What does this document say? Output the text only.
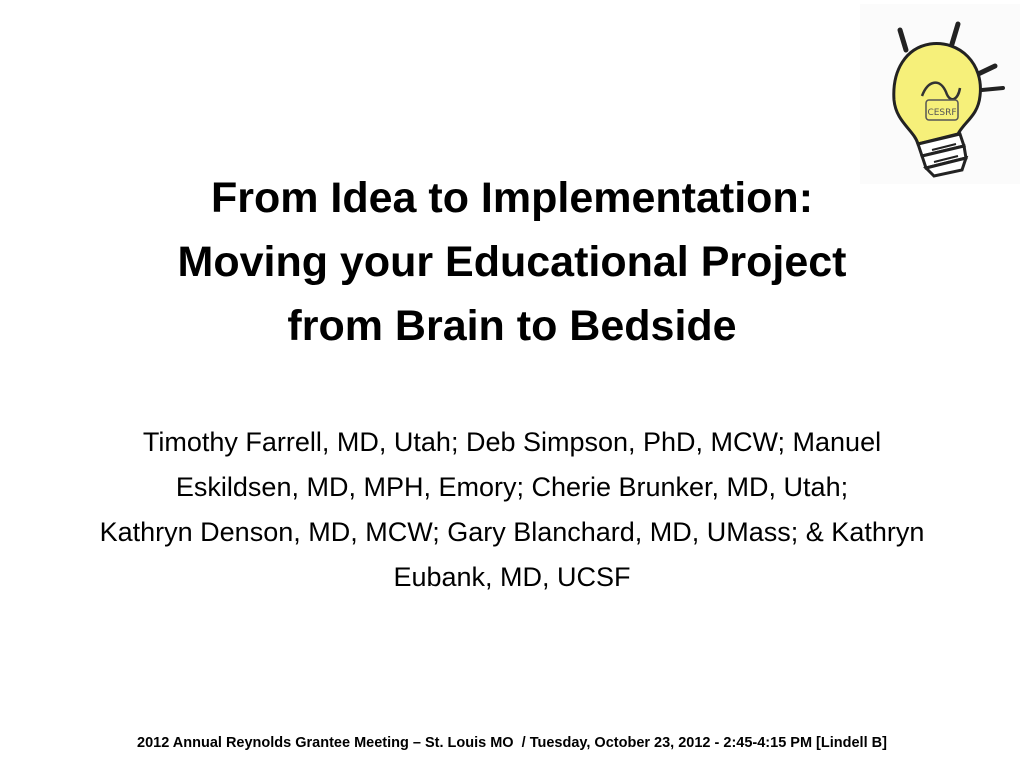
CESRF
From Idea to Implementation:
Moving your Educational Project
from Brain to Bedside

Timothy Farrell, MD, Utah; Deb Simpson, PhD, MCW; Manuel
Eskildsen, MD, MPH, Emory; Cherie Brunker, MD, Utah;
Kathryn Denson, MD, MCW; Gary Blanchard, MD, UMass; & Kathryn
Eubank, MD, UCSF

2012 Annual Reynolds Grantee Meeting – St. Louis MO  / Tuesday, October 23, 2012 - 2:45-4:15 PM [Lindell B]
